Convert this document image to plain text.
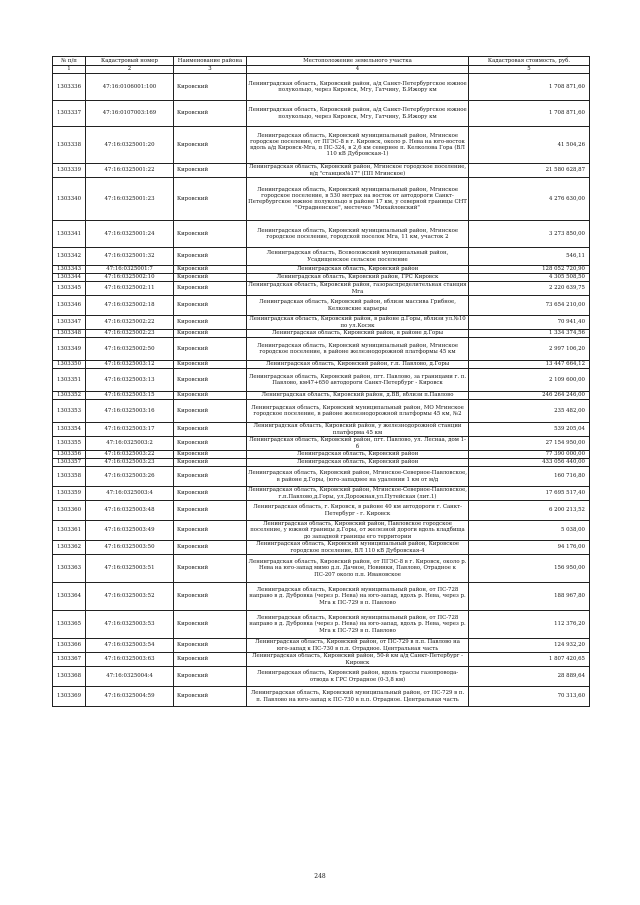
№ п/п	Кадастровый номер	Наименование района	Местоположение земельного участка	Кадастровая стоимость, руб.
1	2	3	4	5
1303336	47:16:0106001:100	Кировский	Ленинградская область, Кировский район, а/д Санкт-Петербургское южное полукольцо, через Кировск, Мгу, Гатчину, Б.Ижору км	1 708 871,60
1303337	47:16:0107003:169	Кировский	Ленинградская область, Кировский район, а/д Санкт-Петербургское южное полукольцо, через Кировск, Мгу, Гатчину, Б.Ижору км	1 708 871,60
1303338	47:16:0325001:20	Кировский	Ленинградская область, Кировский муниципальный район, Мгинское городское поселение, от ПГЭС-8 в г. Кировск, около р. Нева на юго-восток вдоль а/д Кировск-Мга, п ПС-324, в 2,6 км севернее п. Келколова Гора (ВЛ 110 кВ Дубровская-1)	41 504,26
1303339	47:16:0325001:22	Кировский	Ленинградская область, Кировский район, Мгинское городское поселение, в/д "станция№17" (ПП Мгинское)	21 580 628,87
1303340	47:16:0325001:23	Кировский	Ленинградская область, Кировский муниципальный район, Мгинское городское поселение, в 530 метрах на восток от автодороги Санкт-Петербургское южное полукольцо в районе 17 км, у северной границы СНТ "Отрадненское", местечко "Михайловский"	4 276 630,00
1303341	47:16:0325001:24	Кировский	Ленинградская область, Кировский муниципальный район, Мгинское городское поселение, городской поселок Мга, 11 км, участок 2	3 273 850,00
1303342	47:16:0325001:32	Кировский	Ленинградская область, Всеволожский муниципальный район, Усадищенское сельское поселение	546,11
1303343	47:16:0325001:7	Кировский	Ленинградская область, Кировский район	128 052 720,90
1303344	47:16:0325002:10	Кировский	Ленинградская область, Кировский район, ГРС Кировск	4 305 508,50
1303345	47:16:0325002:11	Кировский	Ленинградская область, Кировский район, газораспределительная станция Мга	2 220 639,75
1303346	47:16:0325002:18	Кировский	Ленинградская область, Кировский район, вблизи массива Грибное, Келковские карьеры	73 654 210,00
1303347	47:16:0325002:22	Кировский	Ленинградская область, Кировский район, в районе д.Горы, вблизи ул.№10 по ул.Косяк	70 941,40
1303348	47:16:0325002:23	Кировский	Ленинградская область, Кировский район, в районе д.Горы	1 334 374,56
1303349	47:16:0325002:50	Кировский	Ленинградская область, Кировский муниципальный район, Мгинское городское поселение, в районе железнодорожной платформы 45 км	2 997 106,20
1303350	47:16:0325003:12	Кировский	Ленинградская область, Кировский район, г.п. Павлово, д.Горы	13 447 664,12
1303351	47:16:0325003:13	Кировский	Ленинградская область, Кировский район, пгт. Павлово, за границами г. п. Павлово, км47+650 автодороги Санкт-Петербург - Кировск	2 109 600,00
1303352	47:16:0325003:15	Кировский	Ленинградская область, Кировский район, д.ВВ, вблизи п.Павлово	246 264 246,00
1303353	47:16:0325003:16	Кировский	Ленинградская область, Кировский муниципальный район, МО Мгинское городское поселение, в районе железнодорожной платформы 45 км, №2	235 482,00
1303354	47:16:0325003:17	Кировский	Ленинградская область, Кировский район, у железнодорожной станции платформа 45 км	539 205,04
1303355	47:16:0325003:2	Кировский	Ленинградская область, Кировский район, пгт. Павлово, ул. Леснаа, дом 1-б	27 154 950,00
1303356	47:16:0325003:22	Кировский	Ленинградская область, Кировский район	77 390 000,00
1303357	47:16:0325003:23	Кировский	Ленинградская область, Кировский район	433 056 440,00
1303358	47:16:0325003:26	Кировский	Ленинградская область, Кировский район, Мгинское-Северное-Павловское, в районе д.Горы, (юго-западнее на удалении 1 км от м/д	160 716,80
1303359	47:16:0325003:4	Кировский	Ленинградская область, Кировский район, Мгинское-Северное-Павловское, г.п.Павлово,д.Горы, ул.Дорожная,ул.Путейская (лит.1)	17 695 517,40
1303360	47:16:0325003:48	Кировский	Ленинградская область, г. Кировск, в районе 40 км автодороги г. Санкт-Петербург - г. Кировск	6 200 213,52
1303361	47:16:0325003:49	Кировский	Ленинградская область, Кировский район, Павловское городское поселение, у южной границы д.Горы, от железной дороги вдоль кладбища до западной границы его территории	5 038,00
1303362	47:16:0325003:50	Кировский	Ленинградская область, Кировский муниципальный район, Кировское городское поселение, ВЛ 110 кВ Дубровская-4	94 176,00
1303363	47:16:0325003:51	Кировский	Ленинградская область, Кировский район, от ПГЭС-8 в г. Кировск, около р. Нева на юго-запад мимо д.п. Дачное, Новинки, Павлово, Отрадное к ПС-207 около п.п. Ивановское	156 950,00
1303364	47:16:0325003:52	Кировский	Ленинградская область, Кировский муниципальный район, от ПС-728 направо в д. Дубровка (через р. Нева) на юго-запад, вдоль р. Нева, через р. Мга к ПС-729 в п. Павлово	188 967,80
1303365	47:16:0325003:53	Кировский	Ленинградская область, Кировский муниципальный район, от ПС-728 направо в д. Дубровка (через р. Нева) на юго-запад, вдоль р. Нева, через р. Мга к ПС-729 в п. Павлово	112 376,20
1303366	47:16:0325003:54	Кировский	Ленинградская область, Кировский район, от ПС-729 в п.п. Павлово на юго-запад к ПС-730 в п.п. Отрадное. Центральная часть	124 932,20
1303367	47:16:0325003:63	Кировский	Ленинградская область, Кировский район, 50-й км а/д Санкт-Петербург - Кировск	1 807 420,65
1303368	47:16:0325004:4	Кировский	Ленинградская область, Кировский район, вдоль трассы газопровода-отвода к ГРС Отрадное (0-3,8 км)	28 889,64
1303369	47:16:0325004:59	Кировский	Ленинградская область, Кировский муниципальный район, от ПС-729 в п. п. Павлово на юго-запад к ПС-730 в п.п. Отрадное. Центральная часть	70 313,60
248
